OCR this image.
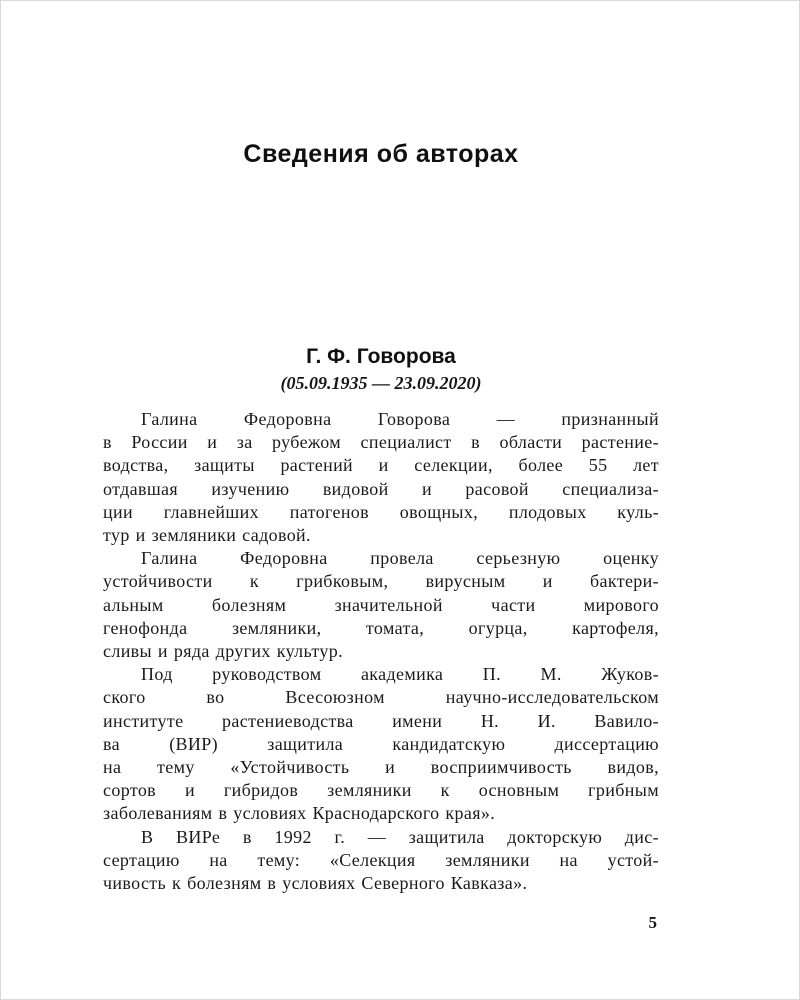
Сведения об авторах
Г. Ф. Говорова
(05.09.1935 — 23.09.2020)
Галина Федоровна Говорова — признанный
в России и за рубежом специалист в области растение-
водства, защиты растений и селекции, более 55 лет
отдавшая изучению видовой и расовой специализа-
ции главнейших патогенов овощных, плодовых куль-
тур и земляники садовой.
Галина Федоровна провела серьезную оценку
устойчивости к грибковым, вирусным и бактери-
альным болезням значительной части мирового
генофонда земляники, томата, огурца, картофеля,
сливы и ряда других культур.
Под руководством академика П. М. Жуков-
ского во Всесоюзном научно-исследовательском
институте растениеводства имени Н. И. Вавило-
ва (ВИР) защитила кандидатскую диссертацию
на тему «Устойчивость и восприимчивость видов,
сортов и гибридов земляники к основным грибным
заболеваниям в условиях Краснодарского края».
В ВИРе в 1992 г. — защитила докторскую дис-
сертацию на тему: «Селекция земляники на устой-
чивость к болезням в условиях Северного Кавказа».
5
